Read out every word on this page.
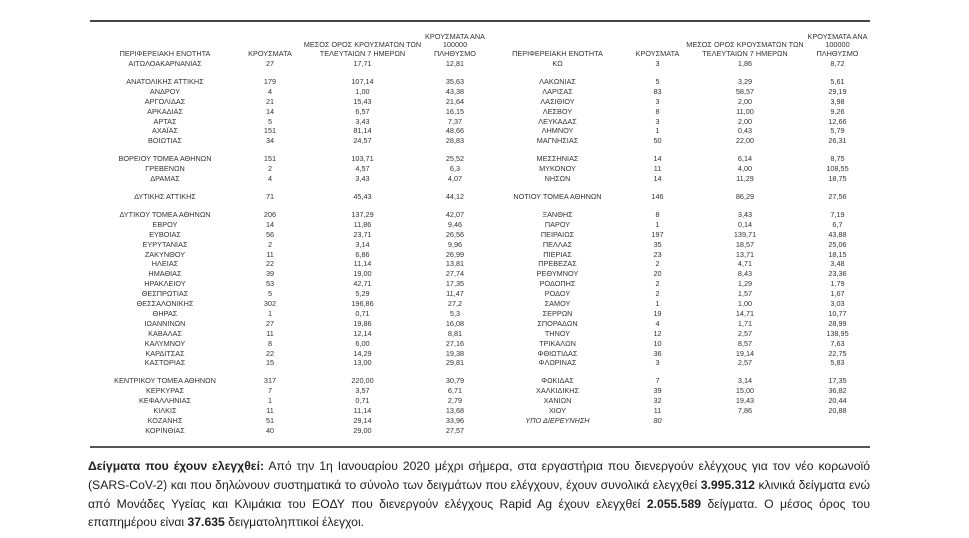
ΠΕΡΙΦΕΡΕΙΑΚΗ ΕΝΟΤΗΤΑ	ΚΡΟΥΣΜΑΤΑ	ΜΕΣΟΣ ΟΡΟΣ ΚΡΟΥΣΜΑΤΩΝ ΤΩΝ ΤΕΛΕΥΤΑΙΩΝ 7 ΗΜΕΡΩΝ	ΚΡΟΥΣΜΑΤΑ ΑΝΑ 100000 ΠΛΗΘΥΣΜΟ	ΠΕΡΙΦΕΡΕΙΑΚΗ ΕΝΟΤΗΤΑ	ΚΡΟΥΣΜΑΤΑ	ΜΕΣΟΣ ΟΡΟΣ ΚΡΟΥΣΜΑΤΩΝ ΤΩΝ ΤΕΛΕΥΤΑΙΩΝ 7 ΗΜΕΡΩΝ	ΚΡΟΥΣΜΑΤΑ ΑΝΑ 100000 ΠΛΗΘΥΣΜΟ
ΑΙΤΩΛΟΑΚΑΡΝΑΝΙΑΣ	27	17,71	12,81	ΚΩ	3	1,86	8,72

ΑΝΑΤΟΛΙΚΗΣ ΑΤΤΙΚΗΣ	179	107,14	35,63	ΛΑΚΩΝΙΑΣ	5	3,29	5,61
ΑΝΔΡΟΥ	4	1,00	43,38	ΛΑΡΙΣΑΣ	83	58,57	29,19
ΑΡΓΟΛΙΔΑΣ	21	15,43	21,64	ΛΑΣΙΘΙΟΥ	3	2,00	3,98
ΑΡΚΑΔΙΑΣ	14	6,57	16,15	ΛΕΣΒΟΥ	8	11,00	9,26
ΑΡΤΑΣ	5	3,43	7,37	ΛΕΥΚΑΔΑΣ	3	2,00	12,66
ΑΧΑΪΑΣ	151	81,14	48,66	ΛΗΜΝΟΥ	1	0,43	5,79
ΒΟΙΩΤΙΑΣ	34	24,57	28,83	ΜΑΓΝΗΣΙΑΣ	50	22,00	26,31

ΒΟΡΕΙΟΥ ΤΟΜΕΑ ΑΘΗΝΩΝ	151	103,71	25,52	ΜΕΣΣΗΝΙΑΣ	14	6,14	8,75
ΓΡΕΒΕΝΩΝ	2	4,57	6,3	ΜΥΚΟΝΟΥ	11	4,00	108,55
ΔΡΑΜΑΣ	4	3,43	4,07	ΝΗΣΩΝ	14	11,29	18,75

ΔΥΤΙΚΗΣ ΑΤΤΙΚΗΣ	71	45,43	44,12	ΝΟΤΙΟΥ ΤΟΜΕΑ ΑΘΗΝΩΝ	146	86,29	27,56

ΔΥΤΙΚΟΥ ΤΟΜΕΑ ΑΘΗΝΩΝ	206	137,29	42,07	ΞΑΝΘΗΣ	8	3,43	7,19
ΕΒΡΟΥ	14	11,86	9,46	ΠΑΡΟΥ	1	0,14	6,7
ΕΥΒΟΙΑΣ	56	23,71	26,56	ΠΕΙΡΑΙΩΣ	197	139,71	43,88
ΕΥΡΥΤΑΝΙΑΣ	2	3,14	9,96	ΠΕΛΛΑΣ	35	18,57	25,06
ΖΑΚΥΝΘΟΥ	11	6,86	26,99	ΠΙΕΡΙΑΣ	23	13,71	18,15
ΗΛΕΙΑΣ	22	11,14	13,81	ΠΡΕΒΕΖΑΣ	2	4,71	3,48
ΗΜΑΘΙΑΣ	39	19,00	27,74	ΡΕΘΥΜΝΟΥ	20	8,43	23,36
ΗΡΑΚΛΕΙΟΥ	53	42,71	17,35	ΡΟΔΟΠΗΣ	2	1,29	1,79
ΘΕΣΠΡΩΤΙΑΣ	5	5,29	11,47	ΡΟΔΟΥ	2	1,57	1,67
ΘΕΣΣΑΛΟΝΙΚΗΣ	302	196,86	27,2	ΣΑΜΟΥ	1	1,00	3,03
ΘΗΡΑΣ	1	0,71	5,3	ΣΕΡΡΩΝ	19	14,71	10,77
ΙΩΑΝΝΙΝΩΝ	27	19,86	16,08	ΣΠΟΡΑΔΩΝ	4	1,71	28,99
ΚΑΒΑΛΑΣ	11	12,14	8,81	ΤΗΝΟΥ	12	2,57	138,95
ΚΑΛΥΜΝΟΥ	8	6,00	27,16	ΤΡΙΚΑΛΩΝ	10	8,57	7,63
ΚΑΡΔΙΤΣΑΣ	22	14,29	19,38	ΦΘΙΩΤΙΔΑΣ	36	19,14	22,75
ΚΑΣΤΟΡΙΑΣ	15	13,00	29,81	ΦΛΩΡΙΝΑΣ	3	2,57	5,83

ΚΕΝΤΡΙΚΟΥ ΤΟΜΕΑ ΑΘΗΝΩΝ	317	220,00	30,79	ΦΩΚΙΔΑΣ	7	3,14	17,35
ΚΕΡΚΥΡΑΣ	7	3,57	6,71	ΧΑΛΚΙΔΙΚΗΣ	39	15,00	36,82
ΚΕΦΑΛΛΗΝΙΑΣ	1	0,71	2,79	ΧΑΝΙΩΝ	32	19,43	20,44
ΚΙΛΚΙΣ	11	11,14	13,68	ΧΙΟΥ	11	7,86	20,88
ΚΟΖΑΝΗΣ	51	29,14	33,96	ΥΠΟ ΔΙΕΡΕΥΝΗΣΗ	80		
ΚΟΡΙΝΘΙΑΣ	40	29,00	27,57				
Δείγματα που έχουν ελεγχθεί: Από την 1η Ιανουαρίου 2020 μέχρι σήμερα, στα εργαστήρια που διενεργούν ελέγχους για τον νέο κορωνοϊό (SARS-CoV-2) και που δηλώνουν συστηματικά το σύνολο των δειγμάτων που ελέγχουν, έχουν συνολικά ελεγχθεί 3.995.312 κλινικά δείγματα ενώ από Μονάδες Υγείας και Κλιμάκια του ΕΟΔΥ που διενεργούν ελέγχους Rapid Ag έχουν ελεγχθεί 2.055.589 δείγματα. Ο μέσος όρος του επαπημέρου είναι 37.635 δειγματοληπτικοί έλεγχοι.
